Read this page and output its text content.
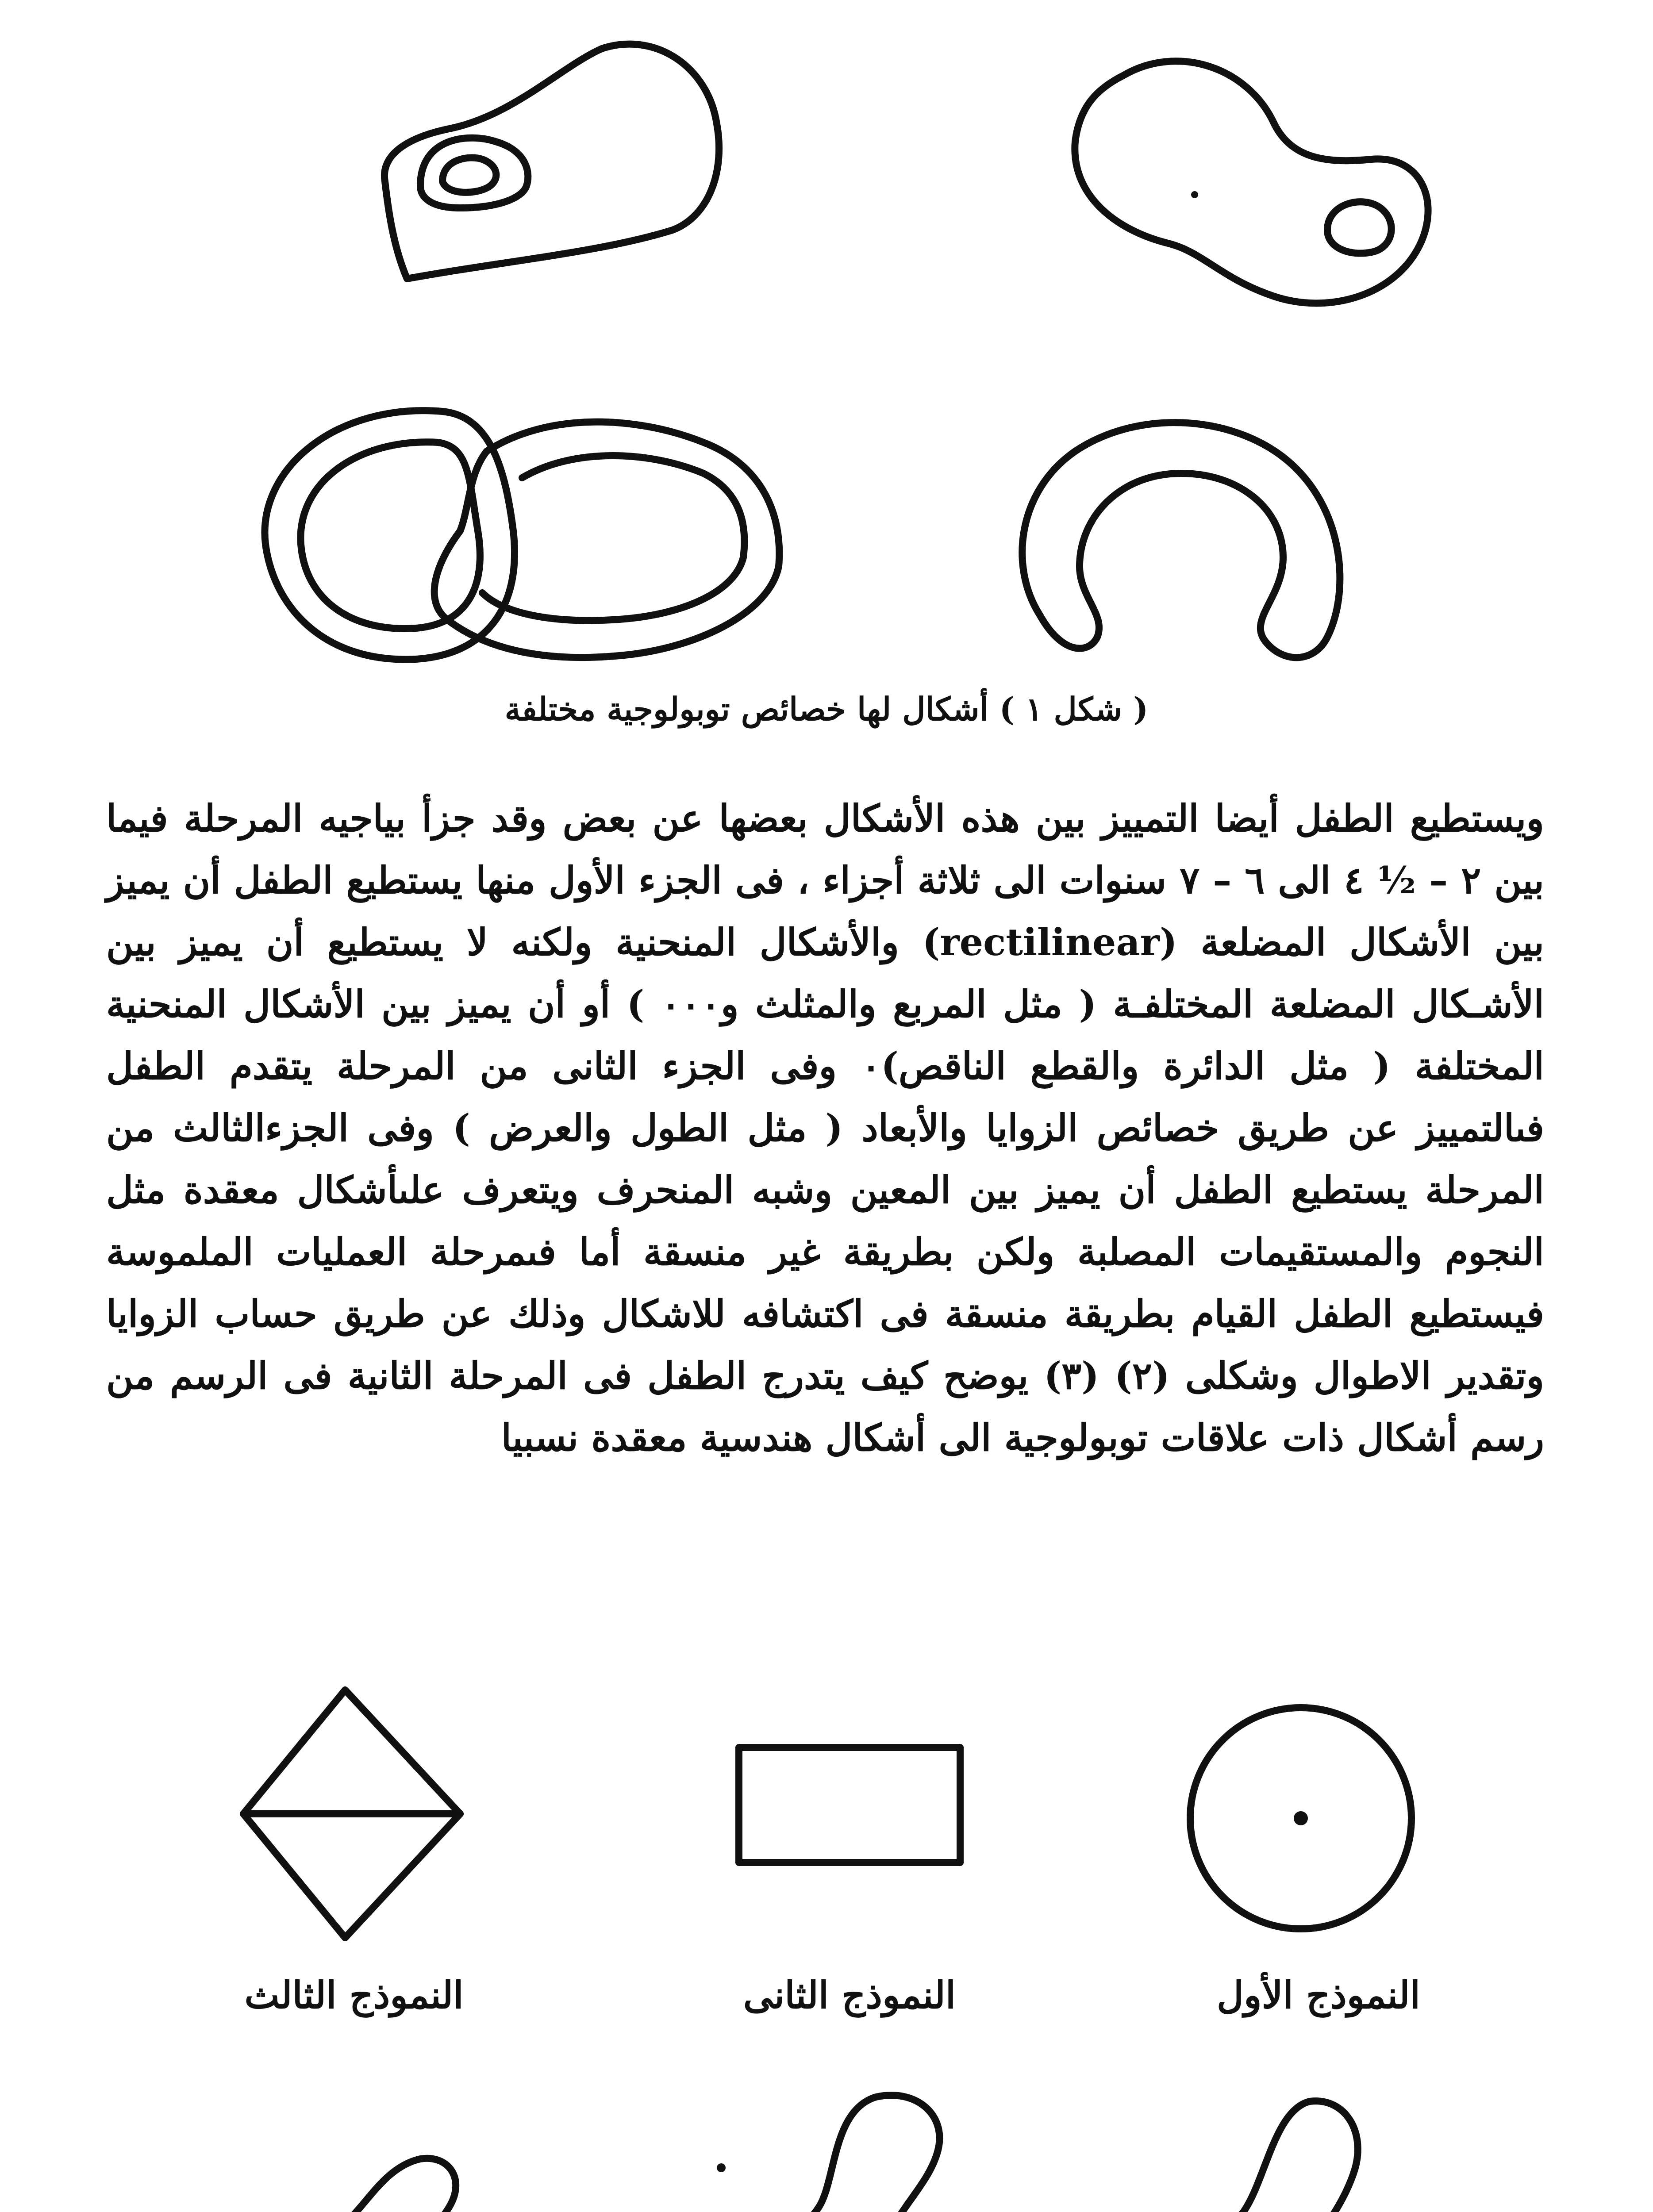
( شكل ١ ) أشكال لها خصائص توبولوجية مختلفة

ويستطيع الطفل أيضا التمييز بين هذه الأشكال بعضها عن بعض وقد جزأ بياجيه المرحلة فيما بين ٢ – ½ ٤ الى ٦ – ٧ سنوات الى ثلاثة أجزاء ، فى الجزء الأول منها يستطيع الطفل أن يميز بين الأشكال المضلعة (rectilinear) والأشكال المنحنية ولكنه لا يستطيع أن يميز بين الأشـكال المضلعة المختلفـة ( مثل المربع والمثلث و٠٠٠ ) أو أن يميز بين الأشكال المنحنية المختلفة ( مثل الدائرة والقطع الناقص)٠ وفى الجزء الثانى من المرحلة يتقدم الطفل فىالتمييز عن طريق خصائص الزوايا والأبعاد ( مثل الطول والعرض ) وفى الجزءالثالث من المرحلة يستطيع الطفل أن يميز بين المعين وشبه المنحرف ويتعرف علىأشكال معقدة مثل النجوم والمستقيمات المصلبة ولكن بطريقة غير منسقة أما فىمرحلة العمليات الملموسة فيستطيع الطفل القيام بطريقة منسقة فى اكتشافه للاشكال وذلك عن طريق حساب الزوايا وتقدير الاطوال وشكلى (٢) (٣) يوضح كيف يتدرج الطفل فى المرحلة الثانية فى الرسم من رسم أشكال ذات علاقات توبولوجية الى أشكال هندسية معقدة نسبيا

النموذج الثالث	النموذج الثانى	النموذج الأول
